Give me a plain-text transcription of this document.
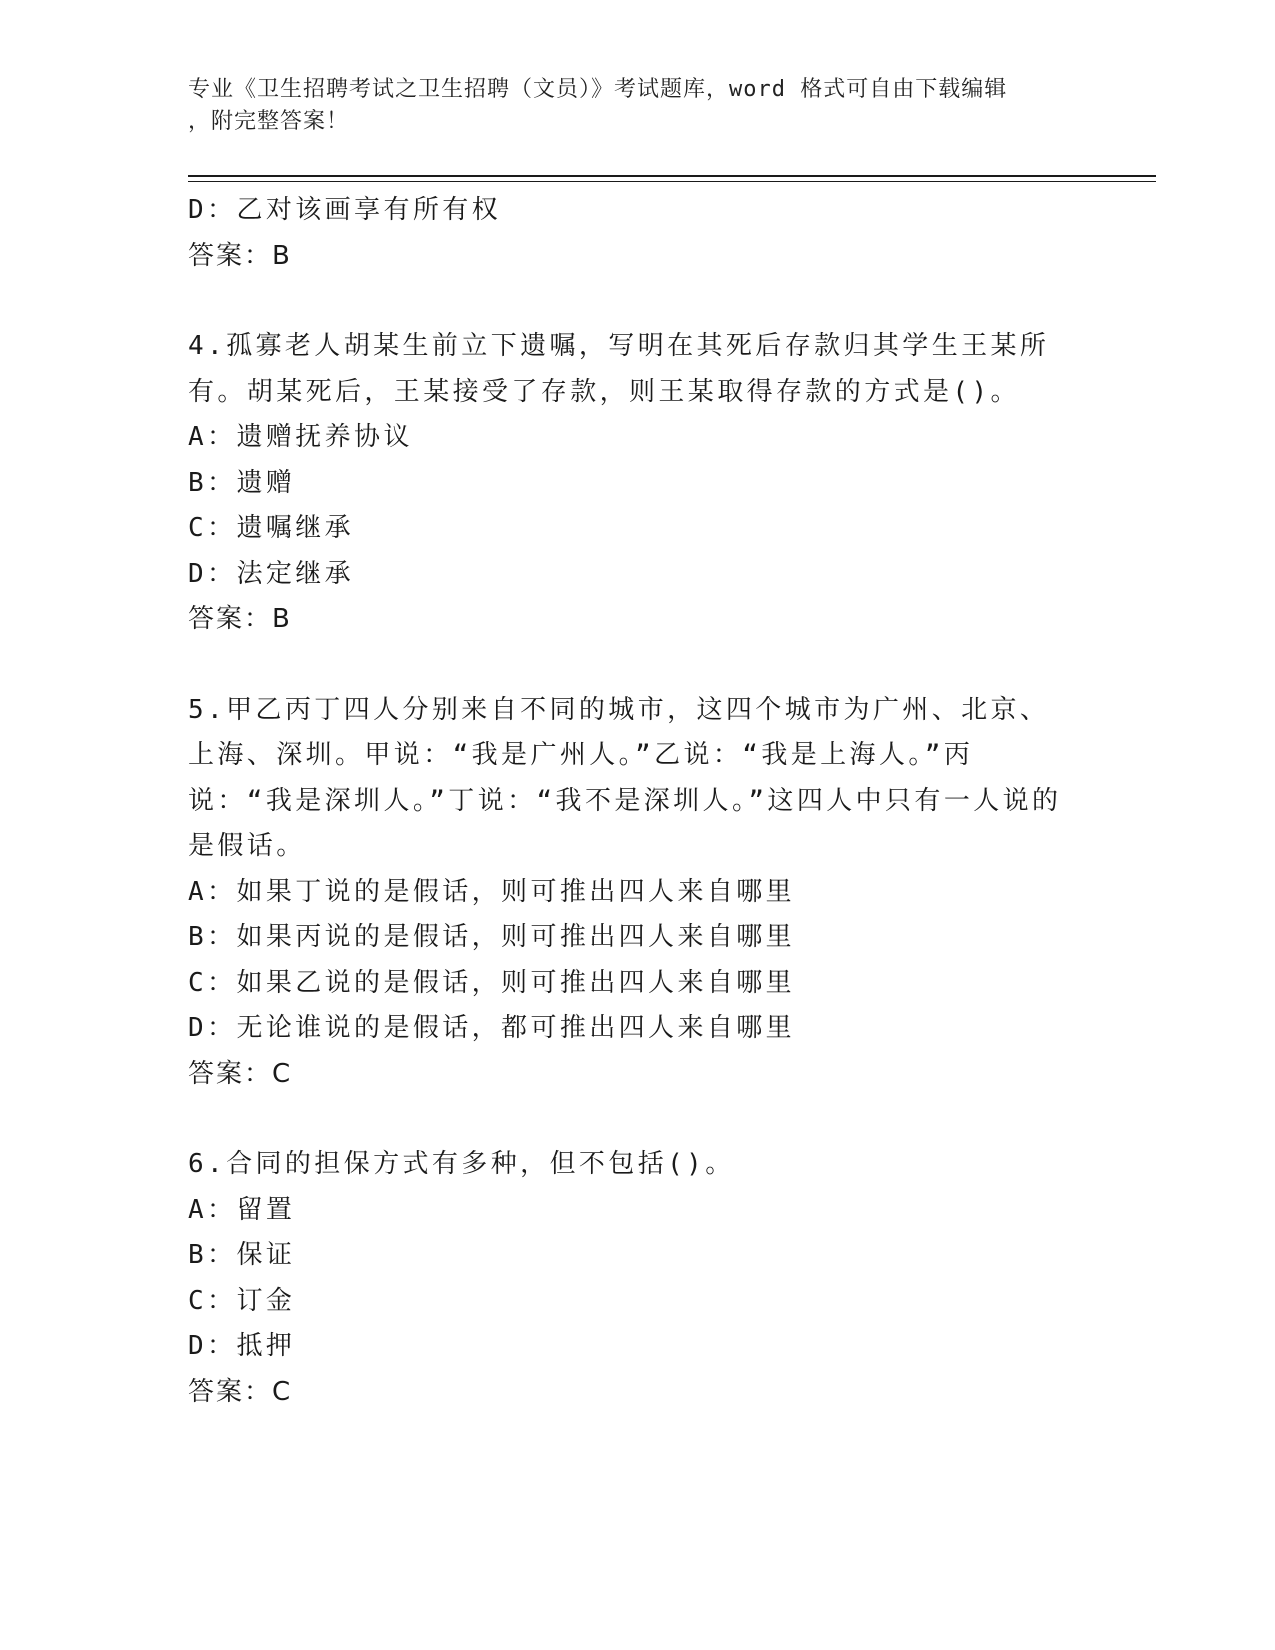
专业《卫生招聘考试之卫生招聘（文员）》考试题库，word 格式可自由下载编辑
，附完整答案！
D：乙对该画享有所有权
答案：B
4.孤寡老人胡某生前立下遗嘱，写明在其死后存款归其学生王某所有。胡某死后，王某接受了存款，则王某取得存款的方式是()。
A：遗赠抚养协议
B：遗赠
C：遗嘱继承
D：法定继承
答案：B
5.甲乙丙丁四人分别来自不同的城市，这四个城市为广州、北京、上海、深圳。甲说：“我是广州人。”乙说：“我是上海人。”丙说：“我是深圳人。”丁说：“我不是深圳人。”这四人中只有一人说的是假话。
A：如果丁说的是假话，则可推出四人来自哪里
B：如果丙说的是假话，则可推出四人来自哪里
C：如果乙说的是假话，则可推出四人来自哪里
D：无论谁说的是假话，都可推出四人来自哪里
答案：C
6.合同的担保方式有多种，但不包括()。
A：留置
B：保证
C：订金
D：抵押
答案：C
